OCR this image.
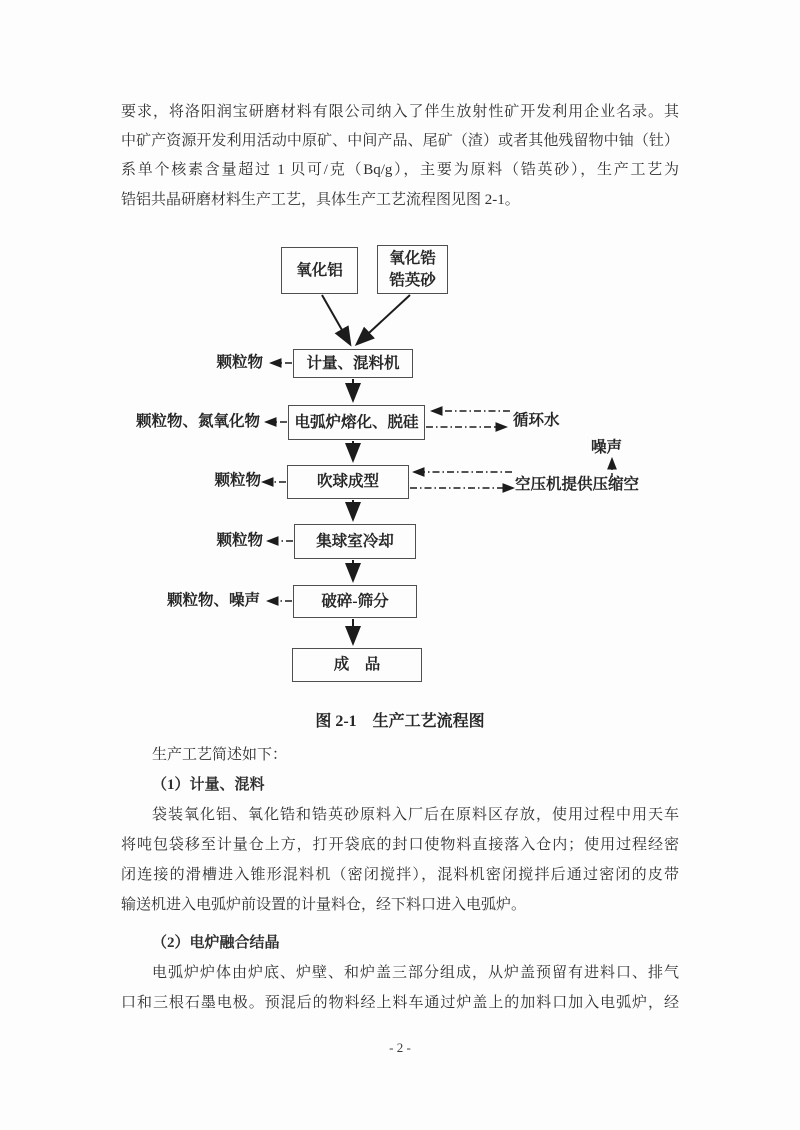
要求，将洛阳润宝研磨材料有限公司纳入了伴生放射性矿开发利用企业名录。其
中矿产资源开发利用活动中原矿、中间产品、尾矿（渣）或者其他残留物中铀（钍）
系单个核素含量超过 1 贝可/克（Bq/g），主要为原料（锆英砂），生产工艺为
锆铝共晶研磨材料生产工艺，具体生产工艺流程图见图 2-1。
氧化铝
氧化锆
锆英砂
计量、混料机
电弧炉熔化、脱硅
吹球成型
集球室冷却
破碎-筛分
成　品
颗粒物
颗粒物、氮氧化物
颗粒物
颗粒物
颗粒物、噪声
循环水
噪声
空压机提供压缩空
图 2-1　生产工艺流程图
生产工艺简述如下：
（1）计量、混料
袋装氧化铝、氧化锆和锆英砂原料入厂后在原料区存放，使用过程中用天车
将吨包袋移至计量仓上方，打开袋底的封口使物料直接落入仓内；使用过程经密
闭连接的滑槽进入锥形混料机（密闭搅拌），混料机密闭搅拌后通过密闭的皮带
输送机进入电弧炉前设置的计量料仓，经下料口进入电弧炉。
（2）电炉融合结晶
电弧炉炉体由炉底、炉壁、和炉盖三部分组成，从炉盖预留有进料口、排气
口和三根石墨电极。预混后的物料经上料车通过炉盖上的加料口加入电弧炉，经
- 2 -
